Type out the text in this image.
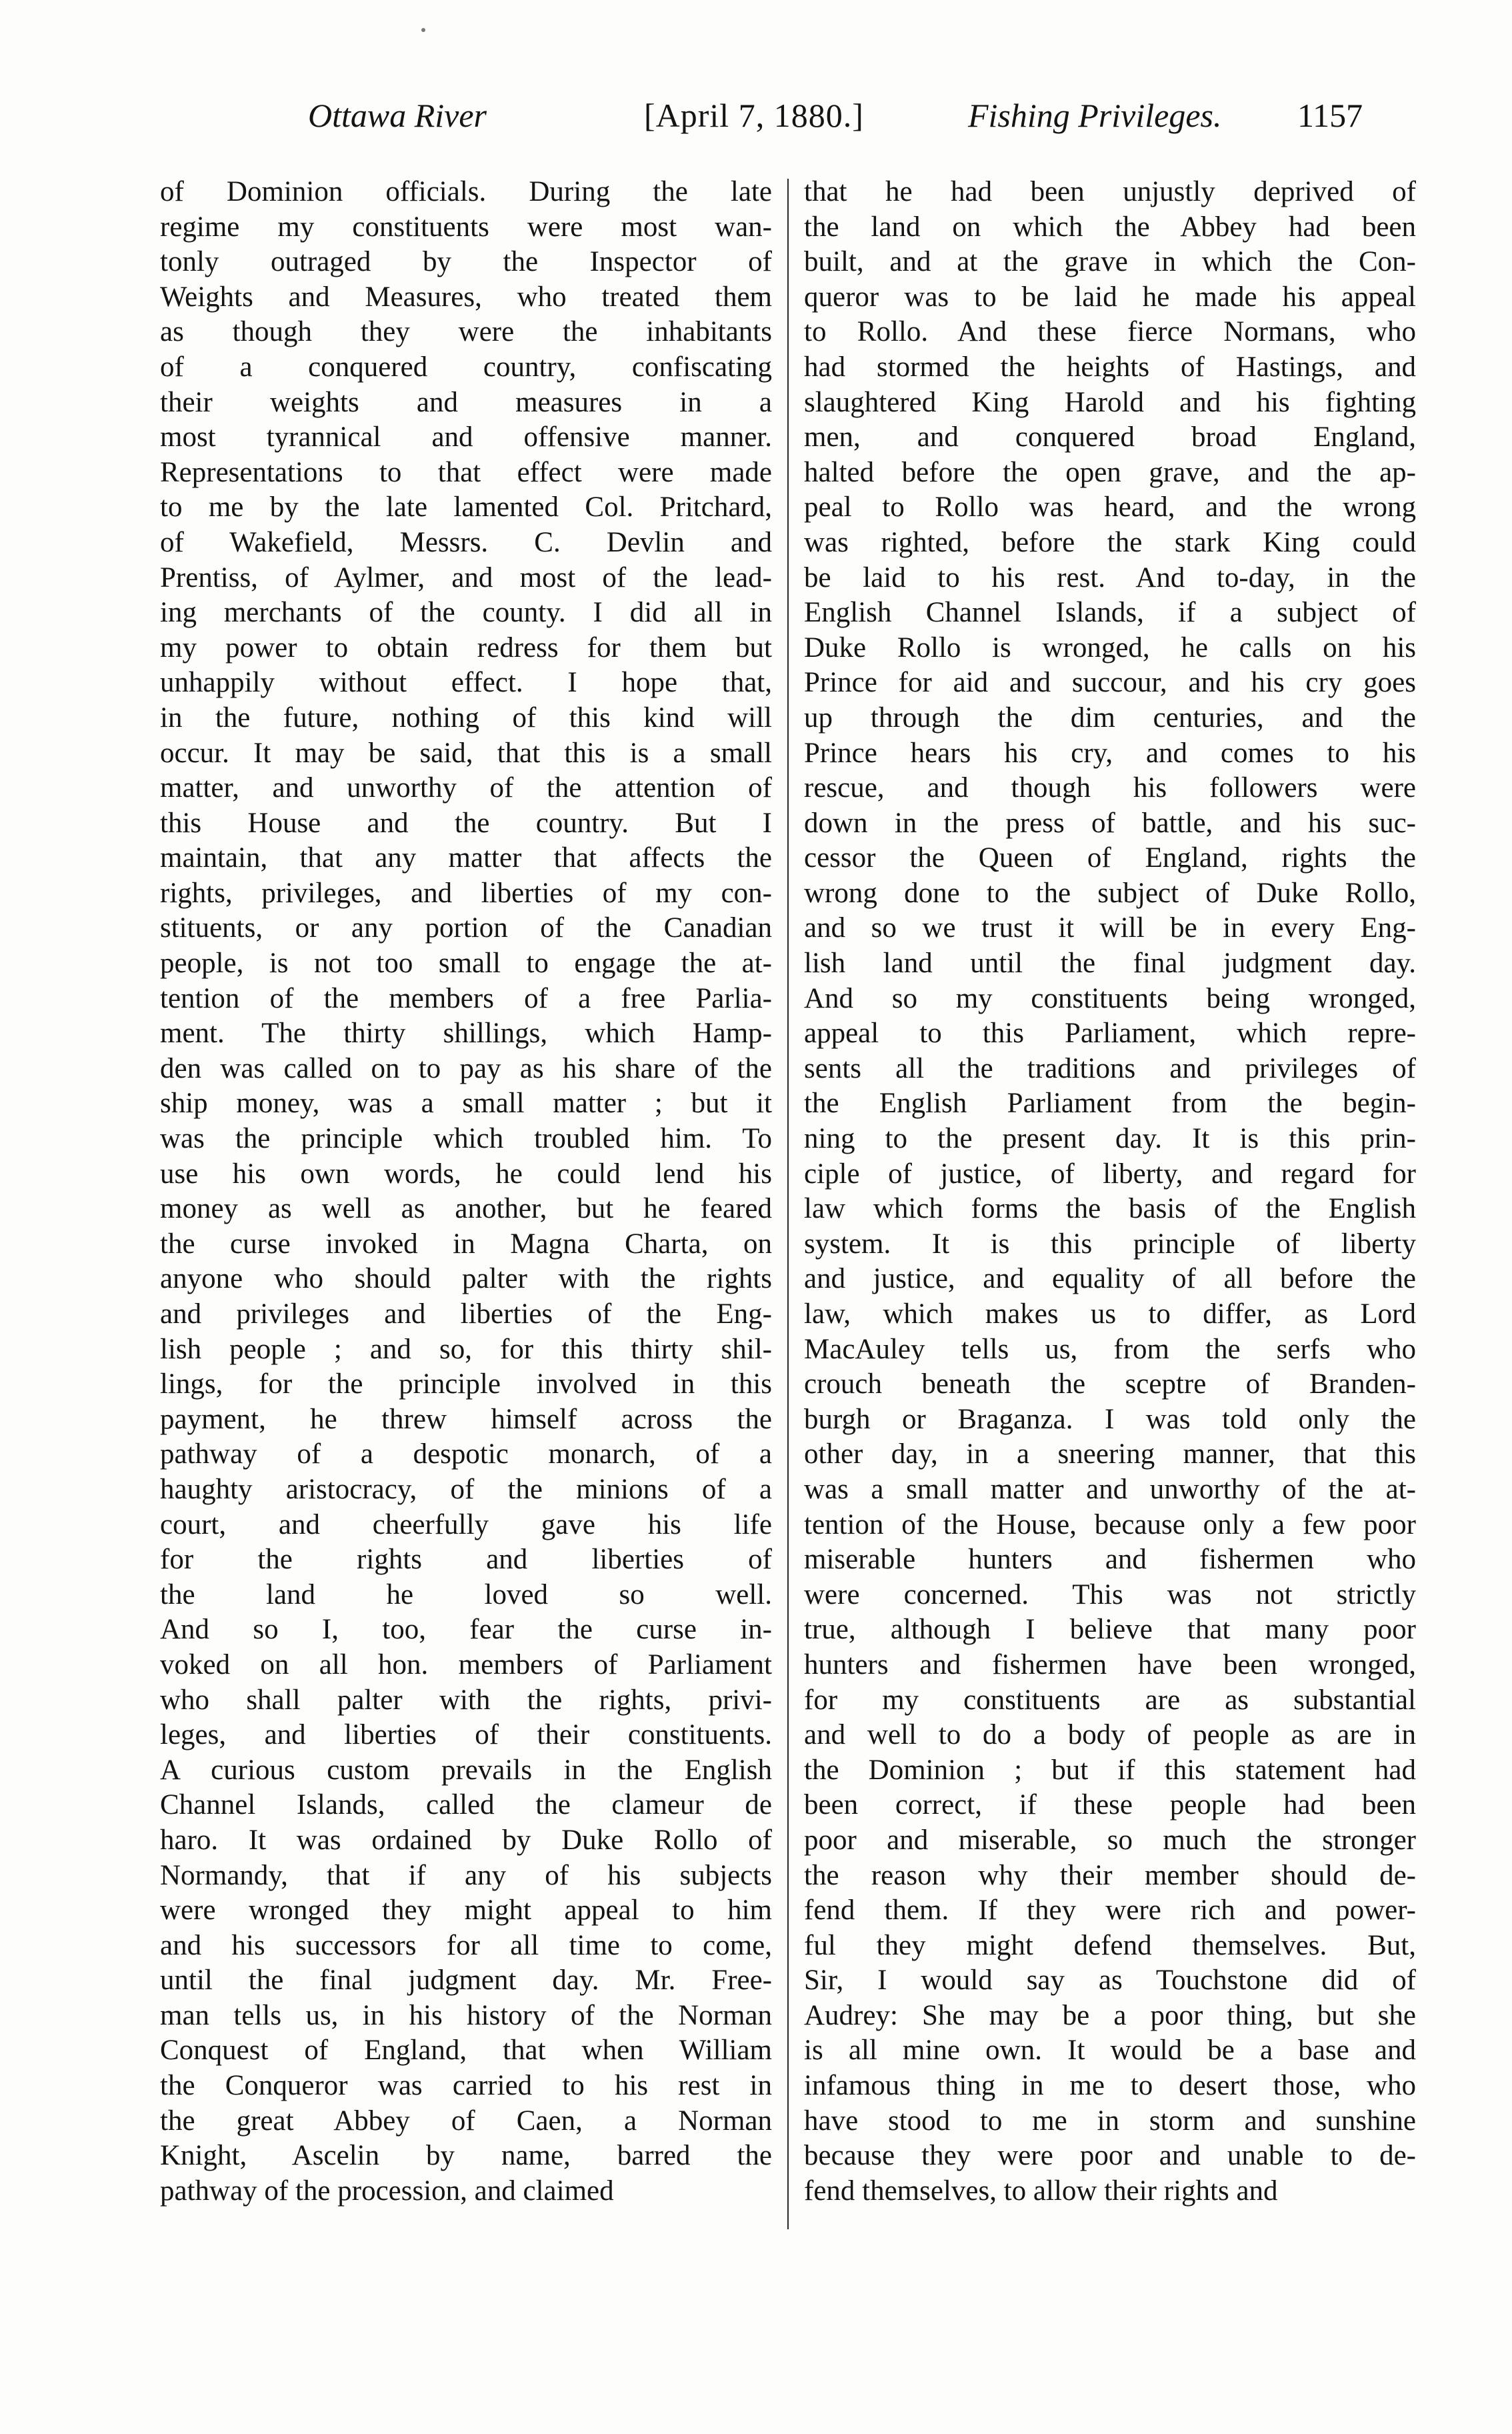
Ottawa River	[April 7, 1880.]	Fishing Privileges. 1157
of Dominion officials. During the late
regime my constituents were most wan-
tonly outraged by the Inspector of
Weights and Measures, who treated them
as though they were the inhabitants
of a conquered country, confiscating
their weights and measures in a
most tyrannical and offensive manner.
Representations to that effect were made
to me by the late lamented Col. Pritchard,
of Wakefield, Messrs. C. Devlin and
Prentiss, of Aylmer, and most of the lead-
ing merchants of the county. I did all in
my power to obtain redress for them but
unhappily without effect. I hope that,
in the future, nothing of this kind will
occur. It may be said, that this is a small
matter, and unworthy of the attention of
this House and the country. But I
maintain, that any matter that affects the
rights, privileges, and liberties of my con-
stituents, or any portion of the Canadian
people, is not too small to engage the at-
tention of the members of a free Parlia-
ment. The thirty shillings, which Hamp-
den was called on to pay as his share of the
ship money, was a small matter ; but it
was the principle which troubled him. To
use his own words, he could lend his
money as well as another, but he feared
the curse invoked in Magna Charta, on
anyone who should palter with the rights
and privileges and liberties of the Eng-
lish people ; and so, for this thirty shil-
lings, for the principle involved in this
payment, he threw himself across the
pathway of a despotic monarch, of a
haughty aristocracy, of the minions of a
court, and cheerfully gave his life
for the rights and liberties of
the land he loved so well.
And so I, too, fear the curse in-
voked on all hon. members of Parliament
who shall palter with the rights, privi-
leges, and liberties of their constituents.
A curious custom prevails in the English
Channel Islands, called the clameur de
haro. It was ordained by Duke Rollo of
Normandy, that if any of his subjects
were wronged they might appeal to him
and his successors for all time to come,
until the final judgment day. Mr. Free-
man tells us, in his history of the Norman
Conquest of England, that when William
the Conqueror was carried to his rest in
the great Abbey of Caen, a Norman
Knight, Ascelin by name, barred the
pathway of the procession, and claimed
that he had been unjustly deprived of
the land on which the Abbey had been
built, and at the grave in which the Con-
queror was to be laid he made his appeal
to Rollo. And these fierce Normans, who
had stormed the heights of Hastings, and
slaughtered King Harold and his fighting
men, and conquered broad England,
halted before the open grave, and the ap-
peal to Rollo was heard, and the wrong
was righted, before the stark King could
be laid to his rest. And to-day, in the
English Channel Islands, if a subject of
Duke Rollo is wronged, he calls on his
Prince for aid and succour, and his cry goes
up through the dim centuries, and the
Prince hears his cry, and comes to his
rescue, and though his followers were
down in the press of battle, and his suc-
cessor the Queen of England, rights the
wrong done to the subject of Duke Rollo,
and so we trust it will be in every Eng-
lish land until the final judgment day.
And so my constituents being wronged,
appeal to this Parliament, which repre-
sents all the traditions and privileges of
the English Parliament from the begin-
ning to the present day. It is this prin-
ciple of justice, of liberty, and regard for
law which forms the basis of the English
system. It is this principle of liberty
and justice, and equality of all before the
law, which makes us to differ, as Lord
MacAuley tells us, from the serfs who
crouch beneath the sceptre of Branden-
burgh or Braganza. I was told only the
other day, in a sneering manner, that this
was a small matter and unworthy of the at-
tention of the House, because only a few poor
miserable hunters and fishermen who
were concerned. This was not strictly
true, although I believe that many poor
hunters and fishermen have been wronged,
for my constituents are as substantial
and well to do a body of people as are in
the Dominion ; but if this statement had
been correct, if these people had been
poor and miserable, so much the stronger
the reason why their member should de-
fend them. If they were rich and power-
ful they might defend themselves. But,
Sir, I would say as Touchstone did of
Audrey: She may be a poor thing, but she
is all mine own. It would be a base and
infamous thing in me to desert those, who
have stood to me in storm and sunshine
because they were poor and unable to de-
fend themselves, to allow their rights and
